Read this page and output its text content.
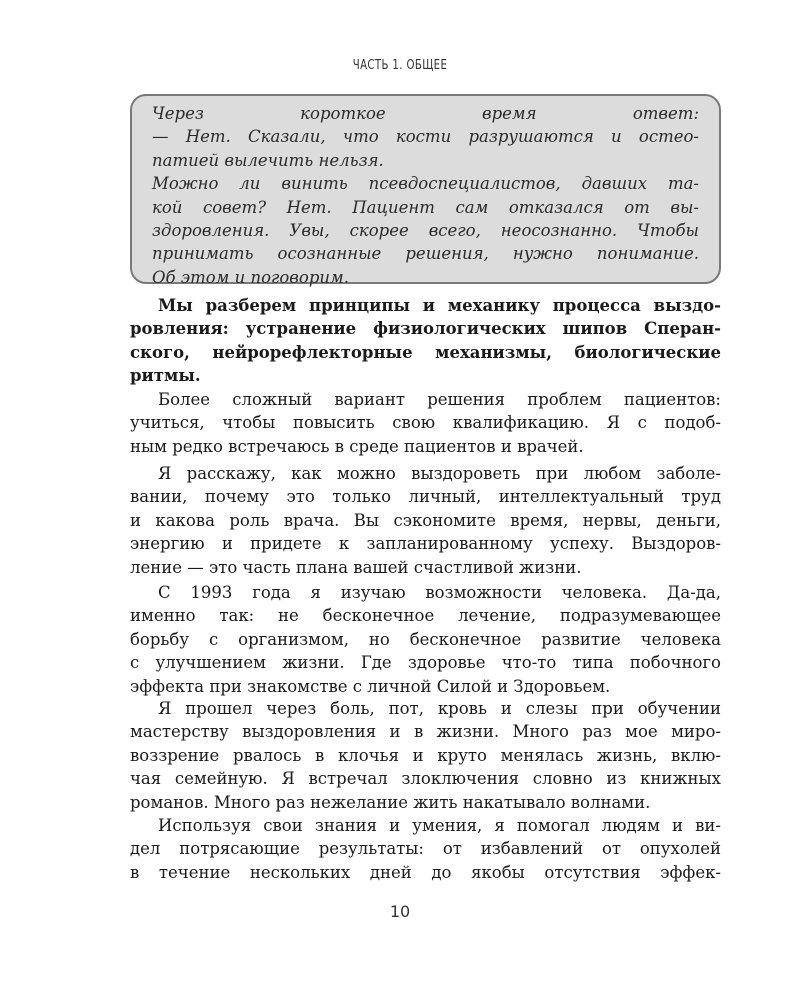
ЧАСТЬ 1. ОБЩЕЕ

Через короткое время ответ:
— Нет. Сказали, что кости разрушаются и остео-
патией вылечить нельзя.
Можно ли винить псевдоспециалистов, давших та-
кой совет? Нет. Пациент сам отказался от вы-
здоровления. Увы, скорее всего, неосознанно. Чтобы
принимать осознанные решения, нужно понимание.
Об этом и поговорим.

Мы разберем принципы и механику процесса выздо-
ровления: устранение физиологических шипов Сперан-
ского, нейрорефлекторные механизмы, биологические
ритмы.
Более сложный вариант решения проблем пациентов:
учиться, чтобы повысить свою квалификацию. Я с подоб-
ным редко встречаюсь в среде пациентов и врачей.
Я расскажу, как можно выздороветь при любом заболе-
вании, почему это только личный, интеллектуальный труд
и какова роль врача. Вы сэкономите время, нервы, деньги,
энергию и придете к запланированному успеху. Выздоров-
ление — это часть плана вашей счастливой жизни.
С 1993 года я изучаю возможности человека. Да-да,
именно так: не бесконечное лечение, подразумевающее
борьбу с организмом, но бесконечное развитие человека
с улучшением жизни. Где здоровье что-то типа побочного
эффекта при знакомстве с личной Силой и Здоровьем.
Я прошел через боль, пот, кровь и слезы при обучении
мастерству выздоровления и в жизни. Много раз мое миро-
воззрение рвалось в клочья и круто менялась жизнь, вклю-
чая семейную. Я встречал злоключения словно из книжных
романов. Много раз нежелание жить накатывало волнами.
Используя свои знания и умения, я помогал людям и ви-
дел потрясающие результаты: от избавлений от опухолей
в течение нескольких дней до якобы отсутствия эффек-
10
